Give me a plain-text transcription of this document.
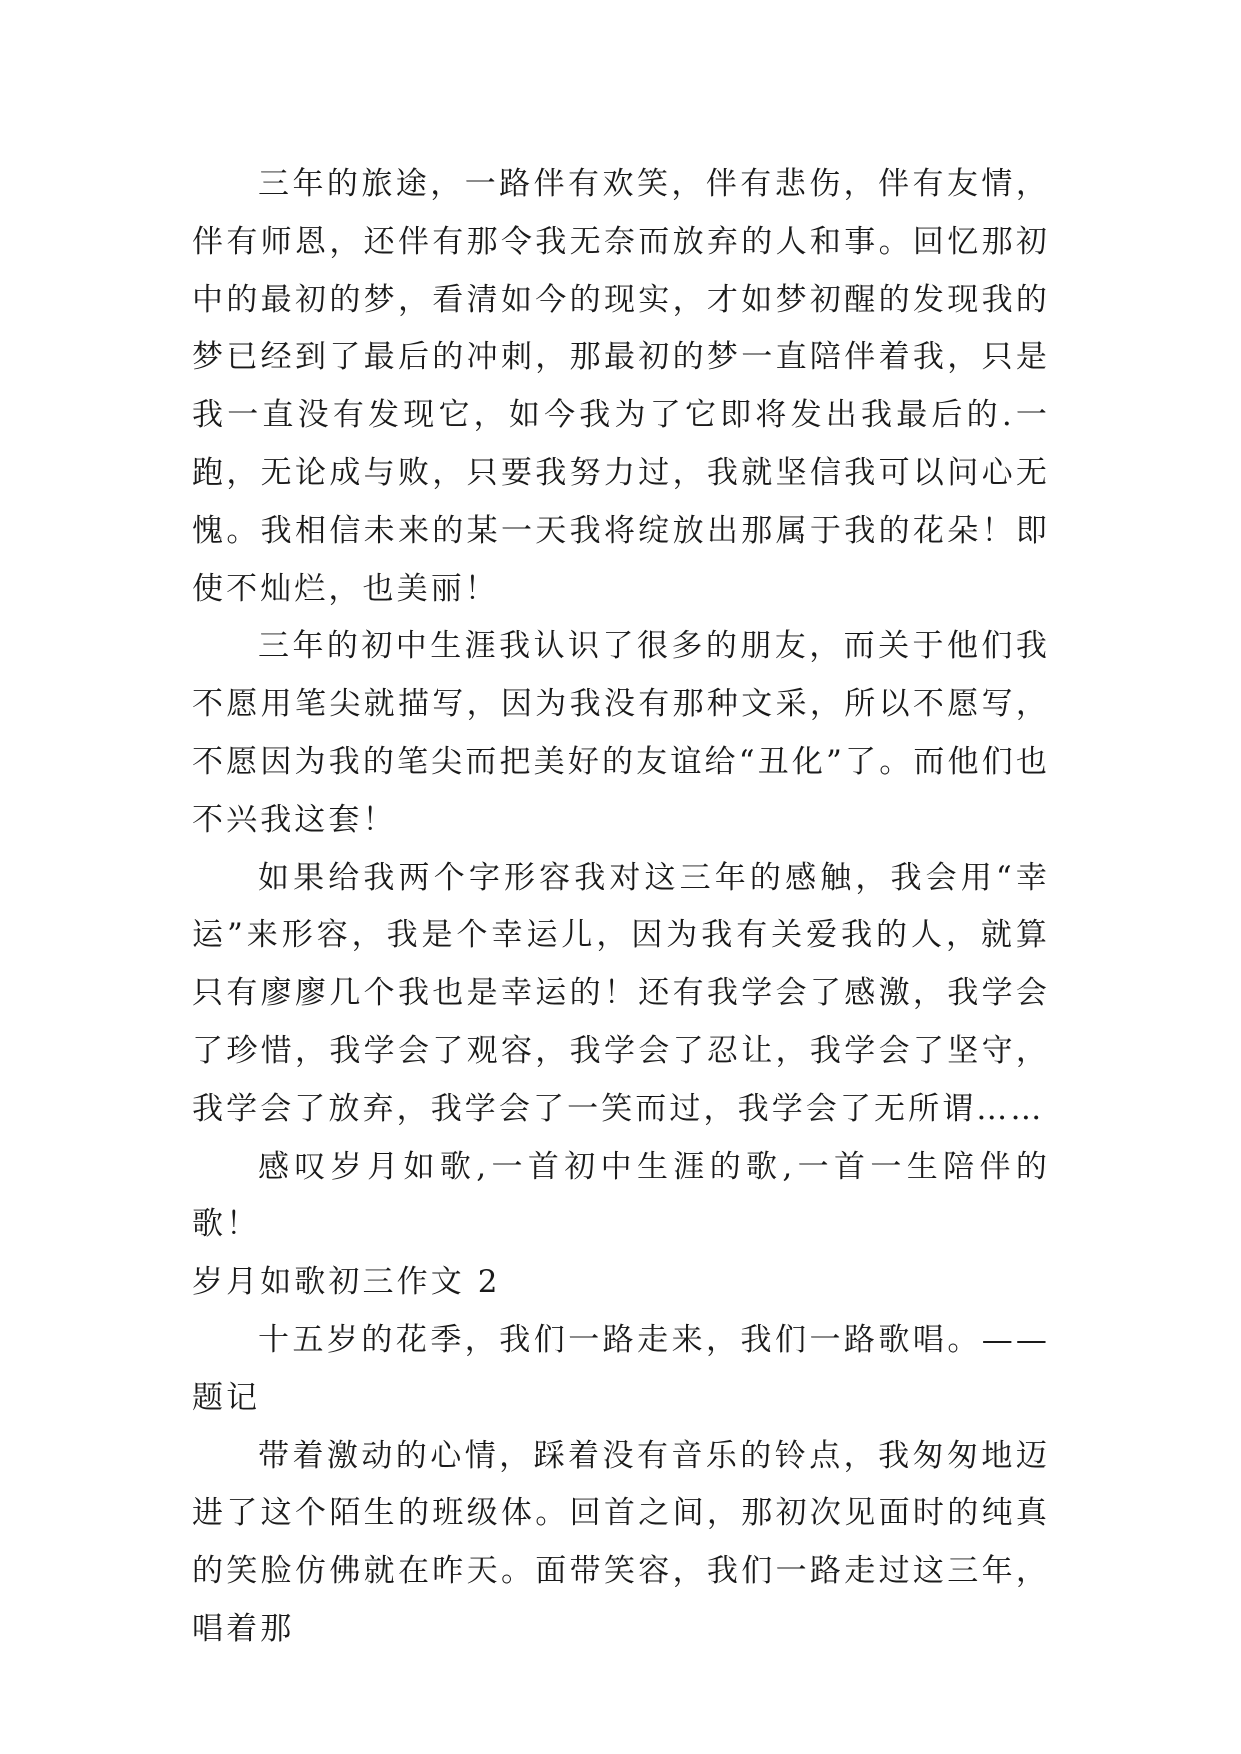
三年的旅途，一路伴有欢笑，伴有悲伤，伴有友情，伴有师恩，还伴有那令我无奈而放弃的人和事。回忆那初中的最初的梦，看清如今的现实，才如梦初醒的发现我的梦已经到了最后的冲刺，那最初的梦一直陪伴着我，只是我一直没有发现它，如今我为了它即将发出我最后的.一跑，无论成与败，只要我努力过，我就坚信我可以问心无愧。我相信未来的某一天我将绽放出那属于我的花朵！即使不灿烂，也美丽！

三年的初中生涯我认识了很多的朋友，而关于他们我不愿用笔尖就描写，因为我没有那种文采，所以不愿写，不愿因为我的笔尖而把美好的友谊给“丑化”了。而他们也不兴我这套！

如果给我两个字形容我对这三年的感触，我会用“幸运”来形容，我是个幸运儿，因为我有关爱我的人，就算只有廖廖几个我也是幸运的！还有我学会了感激，我学会了珍惜，我学会了观容，我学会了忍让，我学会了坚守，我学会了放弃，我学会了一笑而过，我学会了无所谓……

感叹岁月如歌,一首初中生涯的歌,一首一生陪伴的歌！

岁月如歌初三作文 2

十五岁的花季，我们一路走来，我们一路歌唱。——题记

带着激动的心情，踩着没有音乐的铃点，我匆匆地迈进了这个陌生的班级体。回首之间，那初次见面时的纯真的笑脸仿佛就在昨天。面带笑容，我们一路走过这三年，唱着那
